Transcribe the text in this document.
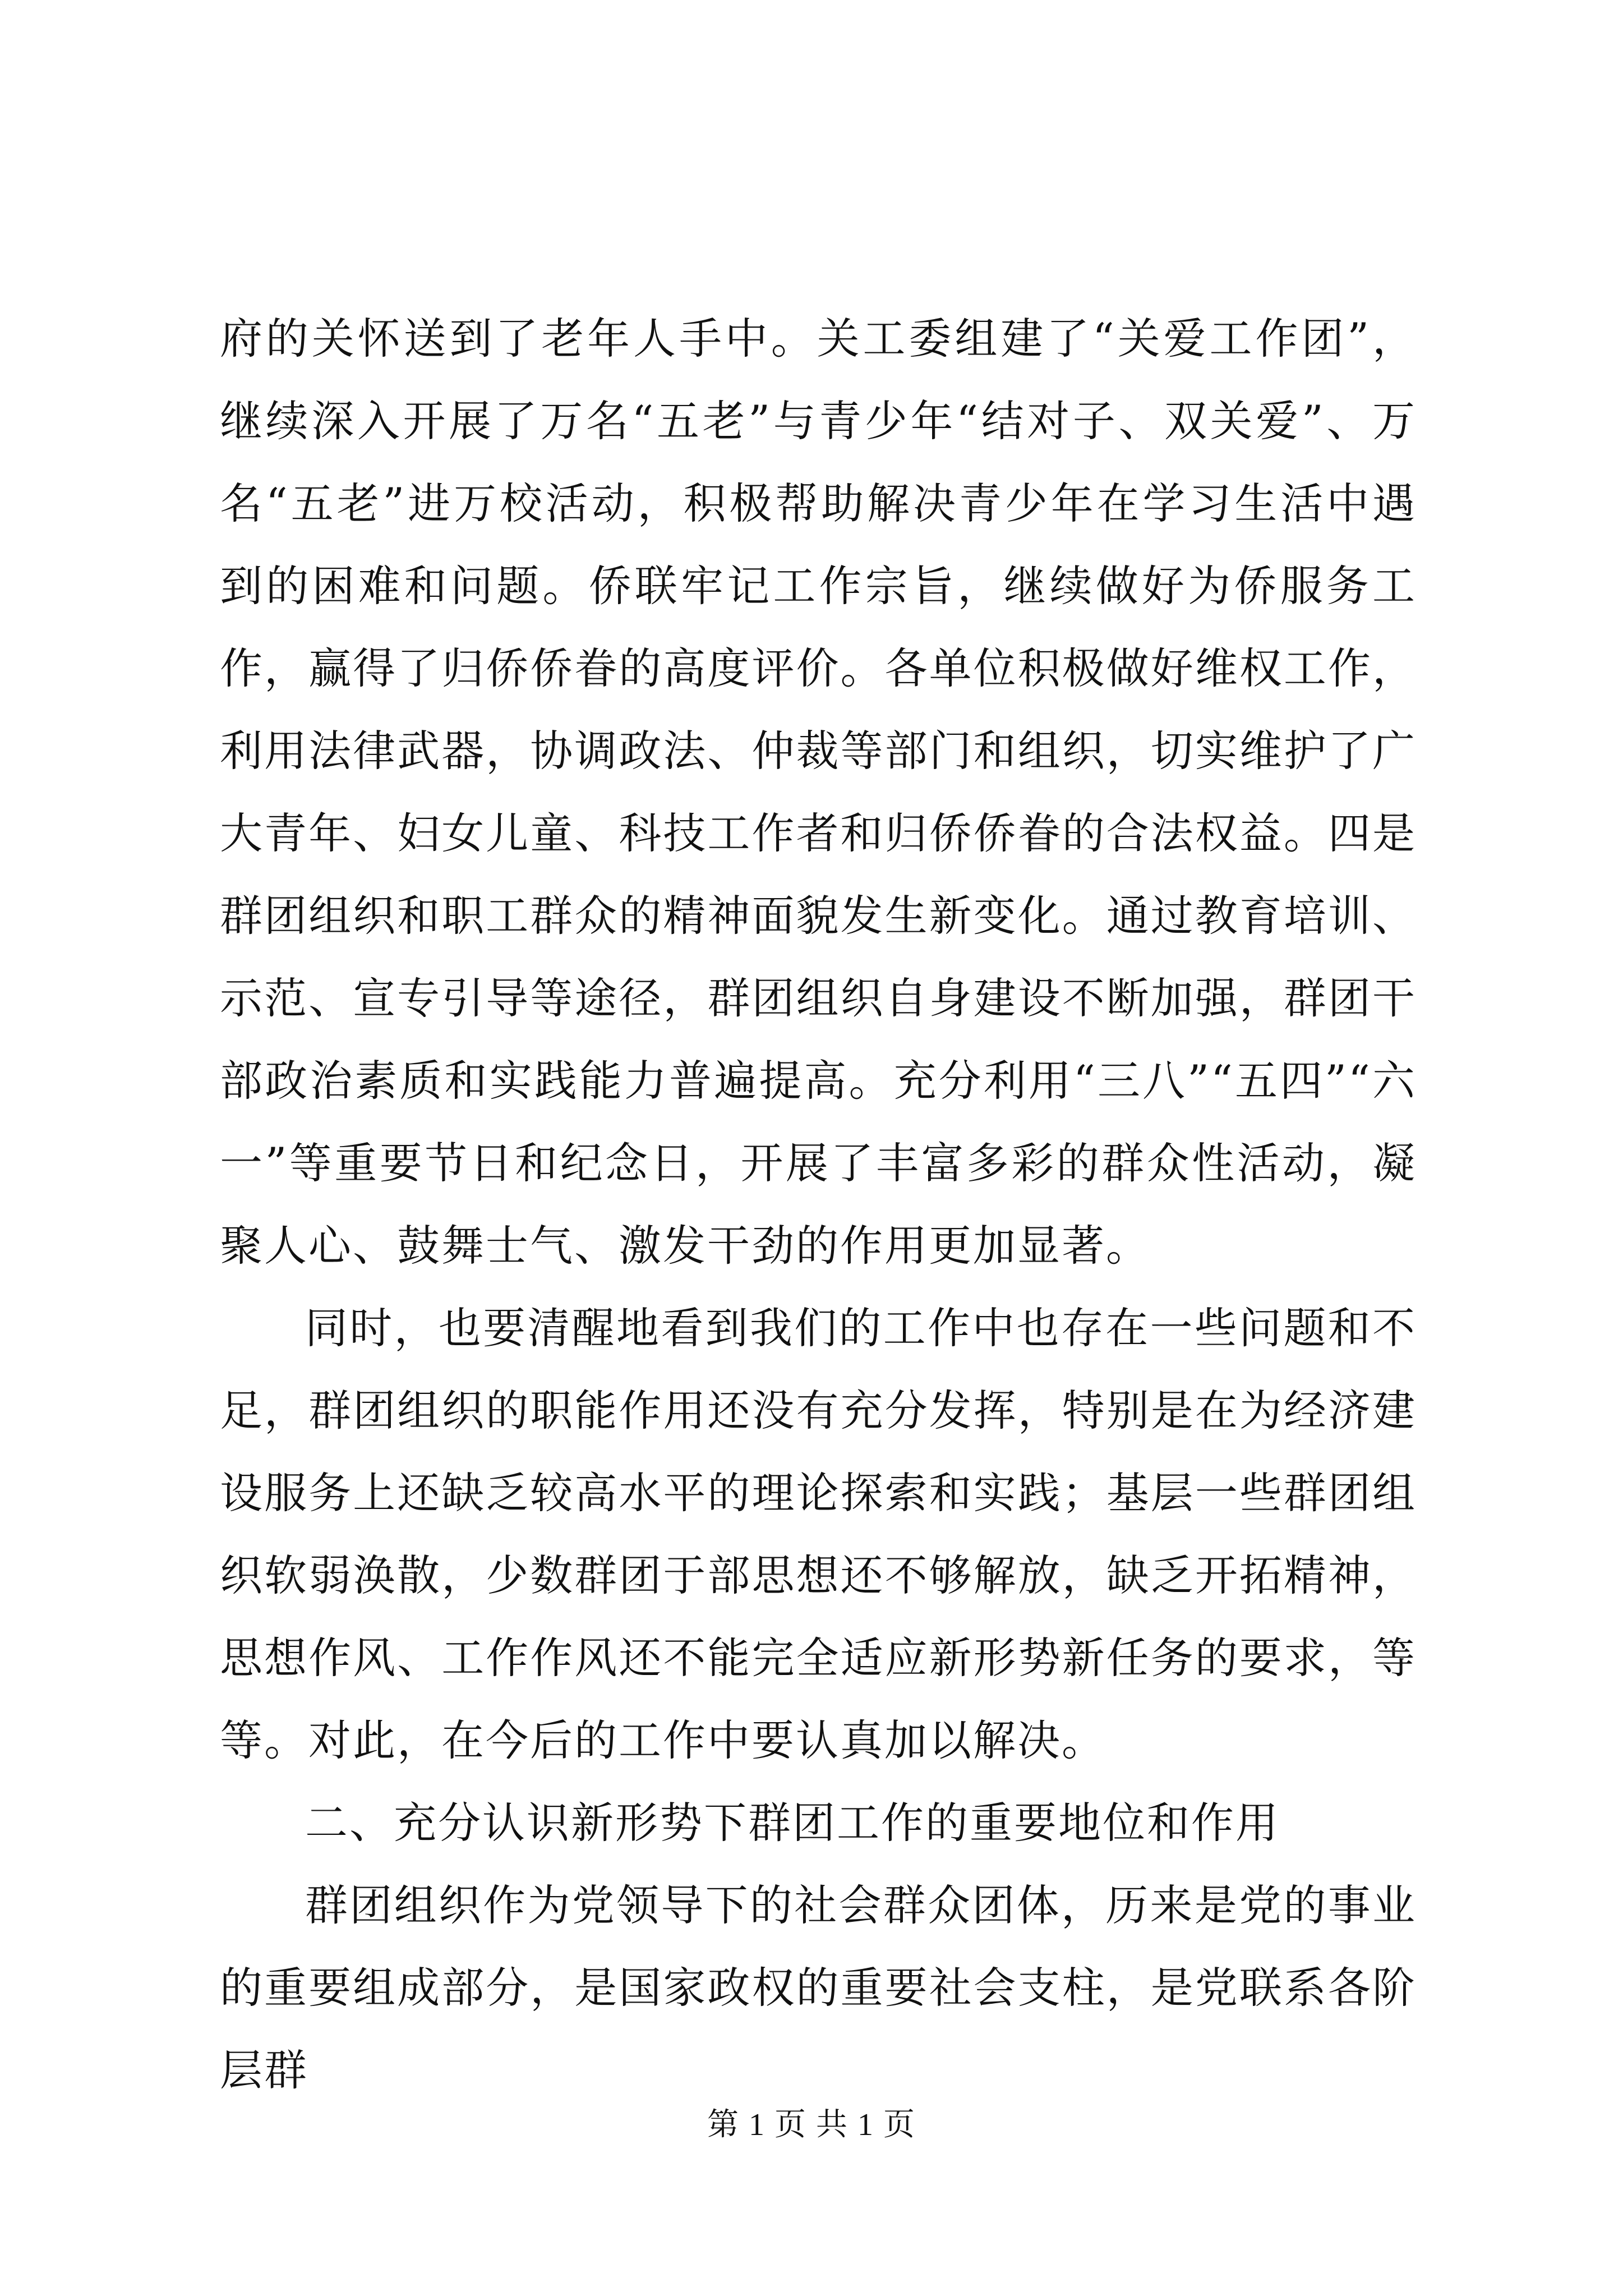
府的关怀送到了老年人手中。关工委组建了“关爱工作团”，继续深入开展了万名“五老”与青少年“结对子、双关爱”、万名“五老”进万校活动，积极帮助解决青少年在学习生活中遇到的困难和问题。侨联牢记工作宗旨，继续做好为侨服务工作，赢得了归侨侨眷的高度评价。各单位积极做好维权工作，利用法律武器，协调政法、仲裁等部门和组织，切实维护了广大青年、妇女儿童、科技工作者和归侨侨眷的合法权益。四是群团组织和职工群众的精神面貌发生新变化。通过教育培训、示范、宣专引导等途径，群团组织自身建设不断加强，群团干部政治素质和实践能力普遍提高。充分利用“三八”“五四”“六一”等重要节日和纪念日，开展了丰富多彩的群众性活动，凝聚人心、鼓舞士气、激发干劲的作用更加显著。

同时，也要清醒地看到我们的工作中也存在一些问题和不足，群团组织的职能作用还没有充分发挥，特别是在为经济建设服务上还缺乏较高水平的理论探索和实践；基层一些群团组织软弱涣散，少数群团于部思想还不够解放，缺乏开拓精神，思想作风、工作作风还不能完全适应新形势新任务的要求，等等。对此，在今后的工作中要认真加以解决。

二、充分认识新形势下群团工作的重要地位和作用

群团组织作为党领导下的社会群众团体，历来是党的事业的重要组成部分，是国家政权的重要社会支柱，是党联系各阶层群

第 1 页 共 1 页
